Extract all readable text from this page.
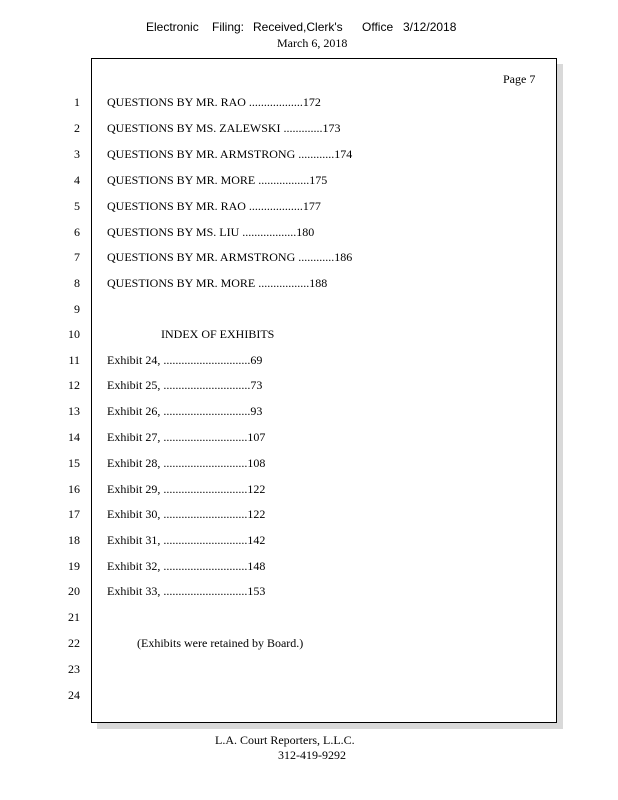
Electronic

Filing:

Received,Clerk's

Office

3/12/2018

March 6, 2018
Page 7
1 QUESTIONS BY MR. RAO ..................172
2 QUESTIONS BY MS. ZALEWSKI .............173
3 QUESTIONS BY MR. ARMSTRONG ............174
4 QUESTIONS BY MR. MORE .................175
5 QUESTIONS BY MR. RAO ..................177
6 QUESTIONS BY MS. LIU ..................180
7 QUESTIONS BY MR. ARMSTRONG ............186
8 QUESTIONS BY MR. MORE .................188
9
10	INDEX OF EXHIBITS
11 Exhibit 24, .............................69
12 Exhibit 25, .............................73
13 Exhibit 26, .............................93
14 Exhibit 27, ............................107
15 Exhibit 28, ............................108
16 Exhibit 29, ............................122
17 Exhibit 30, ............................122
18 Exhibit 31, ............................142
19 Exhibit 32, ............................148
20 Exhibit 33, ............................153
21
22	(Exhibits were retained by Board.)
23
24
L.A. Court Reporters, L.L.C.
312-419-9292
